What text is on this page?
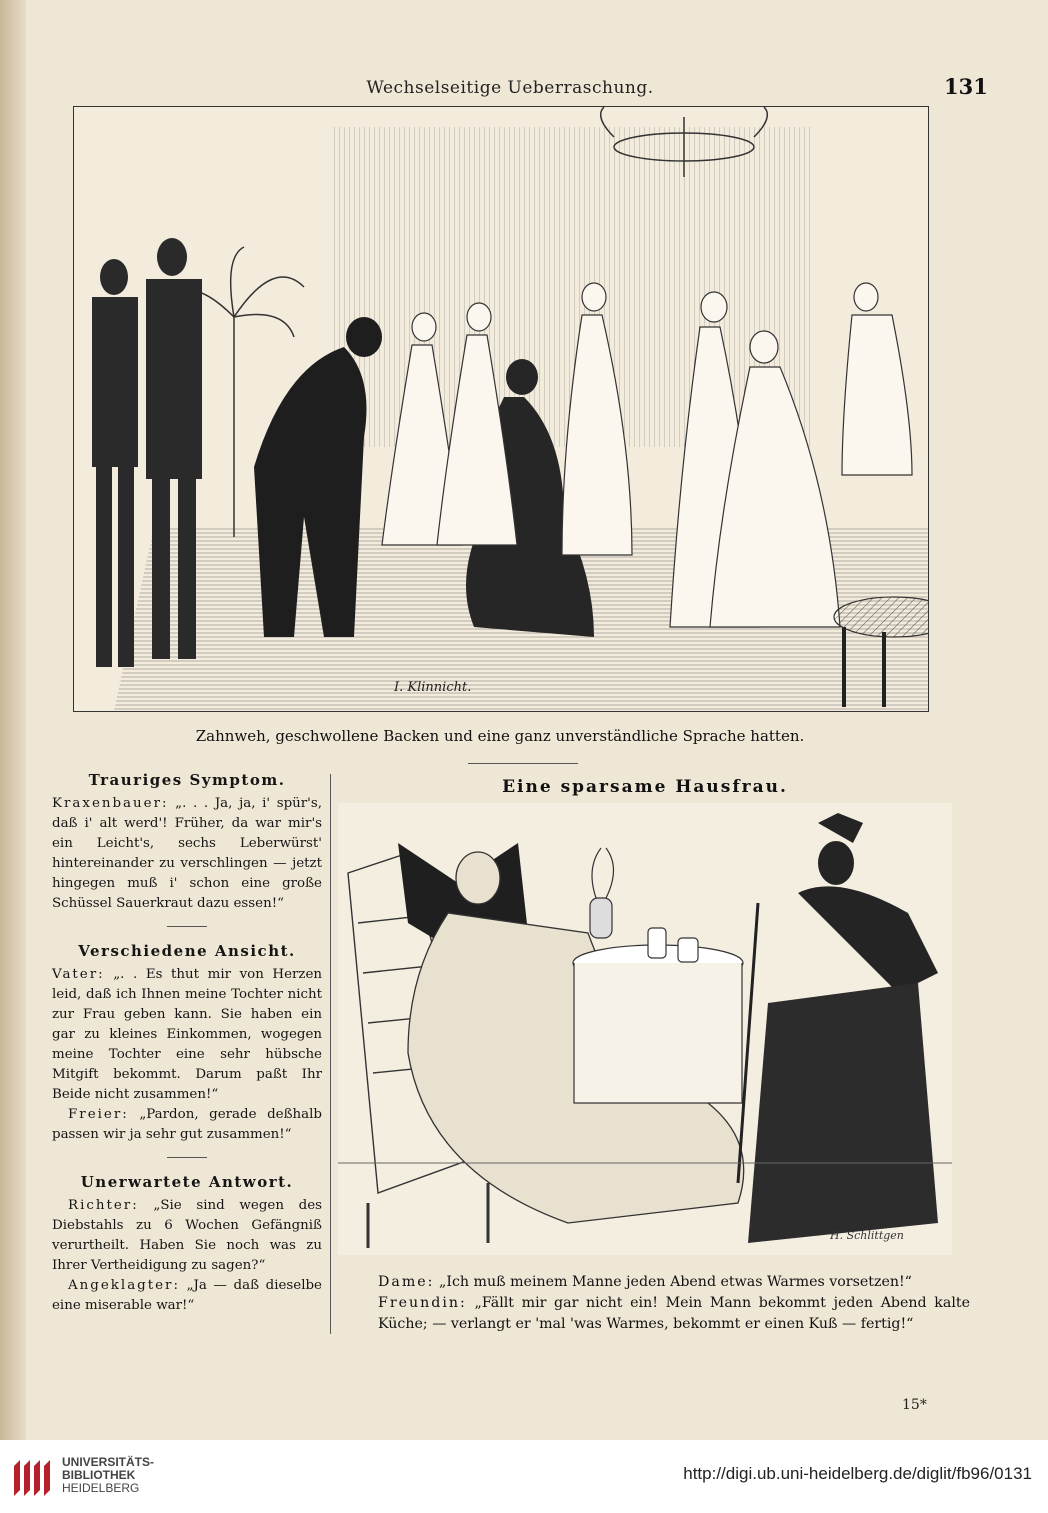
Wechselseitige Ueberraschung.	131
I. Klinnicht.
Zahnweh, geschwollene Backen und eine ganz unverständliche Sprache hatten.
Trauriges Symptom.

Kraxenbauer: „. . . Ja, ja, i' spür's, daß i' alt werd'! Früher, da war mir's ein Leicht's, sechs Leberwürst' hintereinander zu verschlingen — jetzt hingegen muß i' schon eine große Schüssel Sauerkraut dazu essen!“

Verschiedene Ansicht.

Vater: „. . Es thut mir von Herzen leid, daß ich Ihnen meine Tochter nicht zur Frau geben kann. Sie haben ein gar zu kleines Einkommen, wogegen meine Tochter eine sehr hübsche Mitgift bekommt. Darum paßt Ihr Beide nicht zusammen!“

Freier: „Pardon, gerade deßhalb passen wir ja sehr gut zusammen!“

Unerwartete Antwort.

Richter: „Sie sind wegen des Diebstahls zu 6 Wochen Gefängniß verurtheilt. Haben Sie noch was zu Ihrer Vertheidigung zu sagen?“

Angeklagter: „Ja — daß dieselbe eine miserable war!“

Eine sparsame Hausfrau.
H. Schlittgen

Dame: „Ich muß meinem Manne jeden Abend etwas Warmes vorsetzen!“

Freundin: „Fällt mir gar nicht ein! Mein Mann bekommt jeden Abend kalte Küche; — verlangt er 'mal 'was Warmes, bekommt er einen Kuß — fertig!“

15*
UNIVERSITÄTS-
BIBLIOTHEK
HEIDELBERG
http://digi.ub.uni-heidelberg.de/diglit/fb96/0131
